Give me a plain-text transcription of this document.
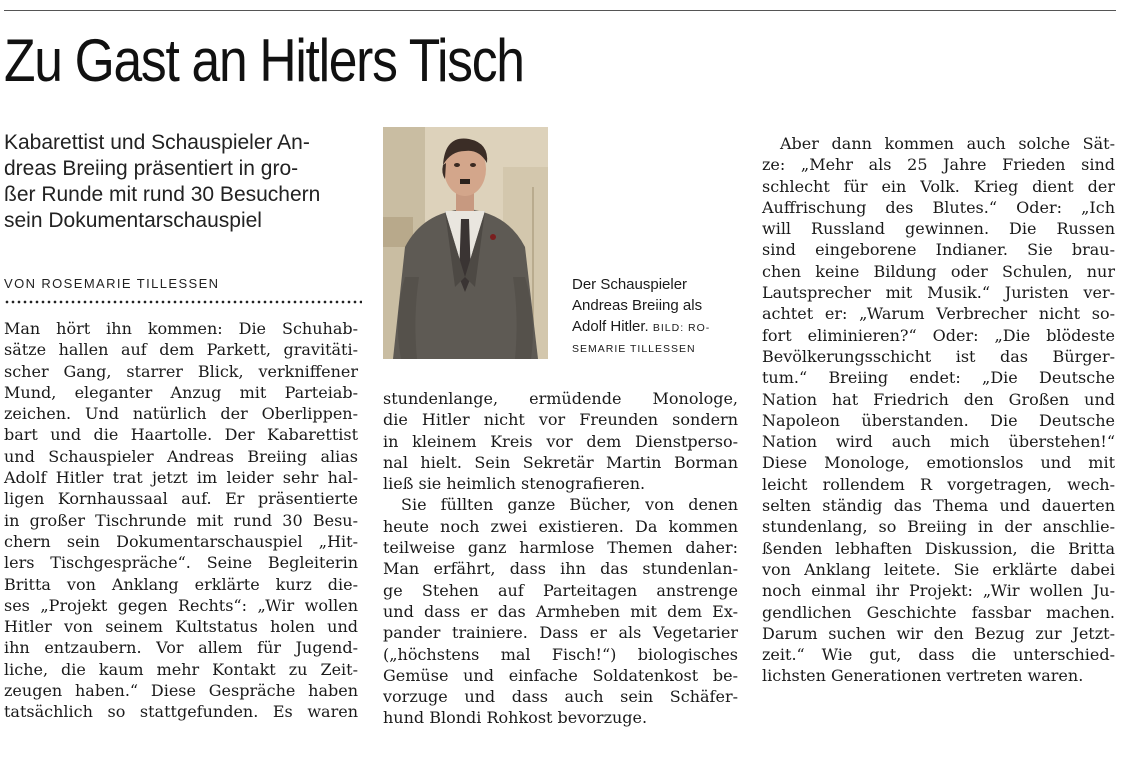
Zu Gast an Hitlers Tisch
Kabarettist und Schauspieler An-
dreas Breiing präsentiert in gro-
ßer Runde mit rund 30 Besuchern
sein Dokumentarschauspiel
VON ROSEMARIE TILLESSEN
Man hört ihn kommen: Die Schuhab-
sätze hallen auf dem Parkett, gravitäti-
scher Gang, starrer Blick, verkniffener
Mund, eleganter Anzug mit Parteiab-
zeichen. Und natürlich der Oberlippen-
bart und die Haartolle. Der Kabarettist
und Schauspieler Andreas Breiing alias
Adolf Hitler trat jetzt im leider sehr hal-
ligen Kornhaussaal auf. Er präsentierte
in großer Tischrunde mit rund 30 Besu-
chern sein Dokumentarschauspiel „Hit-
lers Tischgespräche“. Seine Begleiterin
Britta von Anklang erklärte kurz die-
ses „Projekt gegen Rechts“: „Wir wollen
Hitler von seinem Kultstatus holen und
ihn entzaubern. Vor allem für Jugend-
liche, die kaum mehr Kontakt zu Zeit-
zeugen haben.“ Diese Gespräche haben
tatsächlich so stattgefunden. Es waren
Der Schauspieler
Andreas Breiing als
Adolf Hitler. BILD: RO-
SEMARIE TILLESSEN
stundenlange, ermüdende Monologe,
die Hitler nicht vor Freunden sondern
in kleinem Kreis vor dem Dienstperso-
nal hielt. Sein Sekretär Martin Borman
ließ sie heimlich stenografieren.
Sie füllten ganze Bücher, von denen
heute noch zwei existieren. Da kommen
teilweise ganz harmlose Themen daher:
Man erfährt, dass ihn das stundenlan-
ge Stehen auf Parteitagen anstrenge
und dass er das Armheben mit dem Ex-
pander trainiere. Dass er als Vegetarier
(„höchstens mal Fisch!“) biologisches
Gemüse und einfache Soldatenkost be-
vorzuge und dass auch sein Schäfer-
hund Blondi Rohkost bevorzuge.
Aber dann kommen auch solche Sät-
ze: „Mehr als 25 Jahre Frieden sind
schlecht für ein Volk. Krieg dient der
Auffrischung des Blutes.“ Oder: „Ich
will Russland gewinnen. Die Russen
sind eingeborene Indianer. Sie brau-
chen keine Bildung oder Schulen, nur
Lautsprecher mit Musik.“ Juristen ver-
achtet er: „Warum Verbrecher nicht so-
fort eliminieren?“ Oder: „Die blödeste
Bevölkerungsschicht ist das Bürger-
tum.“ Breiing endet: „Die Deutsche
Nation hat Friedrich den Großen und
Napoleon überstanden. Die Deutsche
Nation wird auch mich überstehen!“
Diese Monologe, emotionslos und mit
leicht rollendem R vorgetragen, wech-
selten ständig das Thema und dauerten
stundenlang, so Breiing in der anschlie-
ßenden lebhaften Diskussion, die Britta
von Anklang leitete. Sie erklärte dabei
noch einmal ihr Projekt: „Wir wollen Ju-
gendlichen Geschichte fassbar machen.
Darum suchen wir den Bezug zur Jetzt-
zeit.“ Wie gut, dass die unterschied-
lichsten Generationen vertreten waren.
